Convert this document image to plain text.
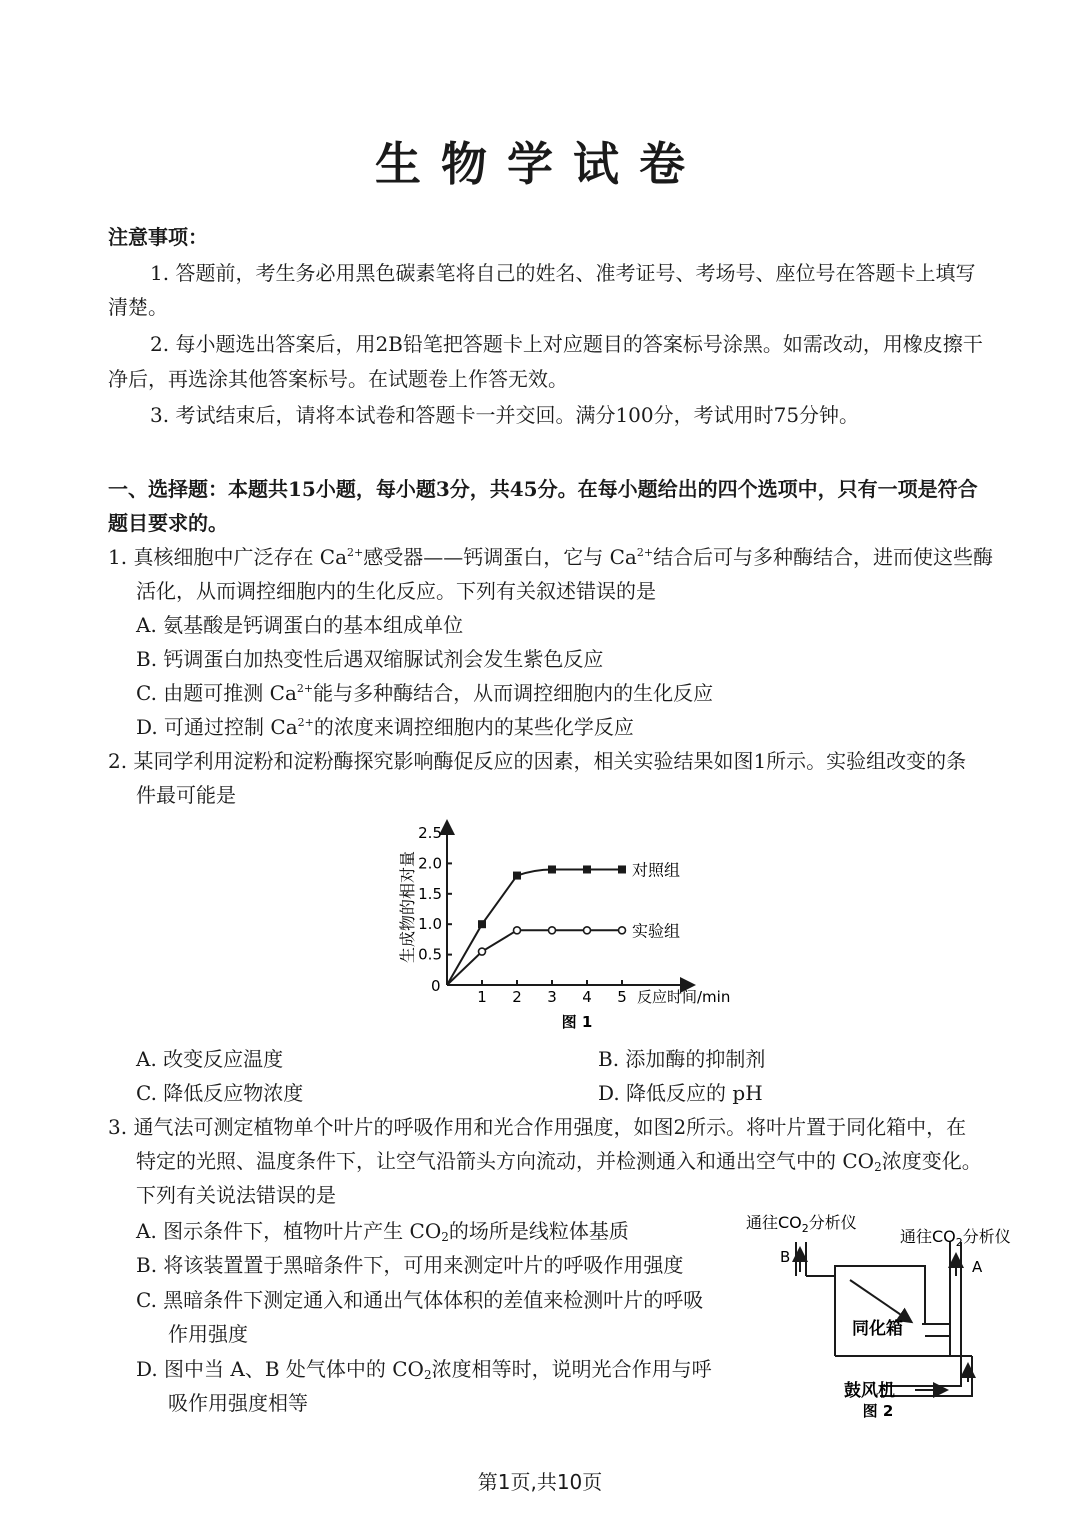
生物学试卷
注意事项：
1. 答题前，考生务必用黑色碳素笔将自己的姓名、准考证号、考场号、座位号在答题卡上填写
清楚。
2. 每小题选出答案后，用2B铅笔把答题卡上对应题目的答案标号涂黑。如需改动，用橡皮擦干
净后，再选涂其他答案标号。在试题卷上作答无效。
3. 考试结束后，请将本试卷和答题卡一并交回。满分100分，考试用时75分钟。
一、选择题：本题共15小题，每小题3分，共45分。在每小题给出的四个选项中，只有一项是符合
题目要求的。
1. 真核细胞中广泛存在 $Ca^{2+}$感受器——钙调蛋白，它与 $Ca^{2+}$结合后可与多种酶结合，进而使这些酶
活化，从而调控细胞内的生化反应。下列有关叙述错误的是
A. 氨基酸是钙调蛋白的基本组成单位
B. 钙调蛋白加热变性后遇双缩脲试剂会发生紫色反应
C. 由题可推测 $Ca^{2+}$能与多种酶结合，从而调控细胞内的生化反应
D. 可通过控制 $Ca^{2+}$的浓度来调控细胞内的某些化学反应
2. 某同学利用淀粉和淀粉酶探究影响酶促反应的因素，相关实验结果如图1所示。实验组改变的条
件最可能是
0.5
1.0
1.5
2.0
2.5
1 2 3 4 5
对照组
实验组
生成物的相对量
反应时间/min
0
图 1
A. 改变反应温度	B. 添加酶的抑制剂
C. 降低反应物浓度	D. 降低反应的 pH
3. 通气法可测定植物单个叶片的呼吸作用和光合作用强度，如图2所示。将叶片置于同化箱中，在
特定的光照、温度条件下，让空气沿箭头方向流动，并检测通入和通出空气中的 $CO_2$浓度变化。
下列有关说法错误的是
A. 图示条件下，植物叶片产生 $CO_2$的场所是线粒体基质
B. 将该装置置于黑暗条件下，可用来测定叶片的呼吸作用强度
C. 黑暗条件下测定通入和通出气体体积的差值来检测叶片的呼吸
作用强度
D. 图中当 A、B 处气体中的 $CO_2$浓度相等时，说明光合作用与呼
吸作用强度相等
通往$CO_2$分析仪
通往$CO_2$分析仪
B
A
同化箱
鼓风机
图 2
第1页,共10页
